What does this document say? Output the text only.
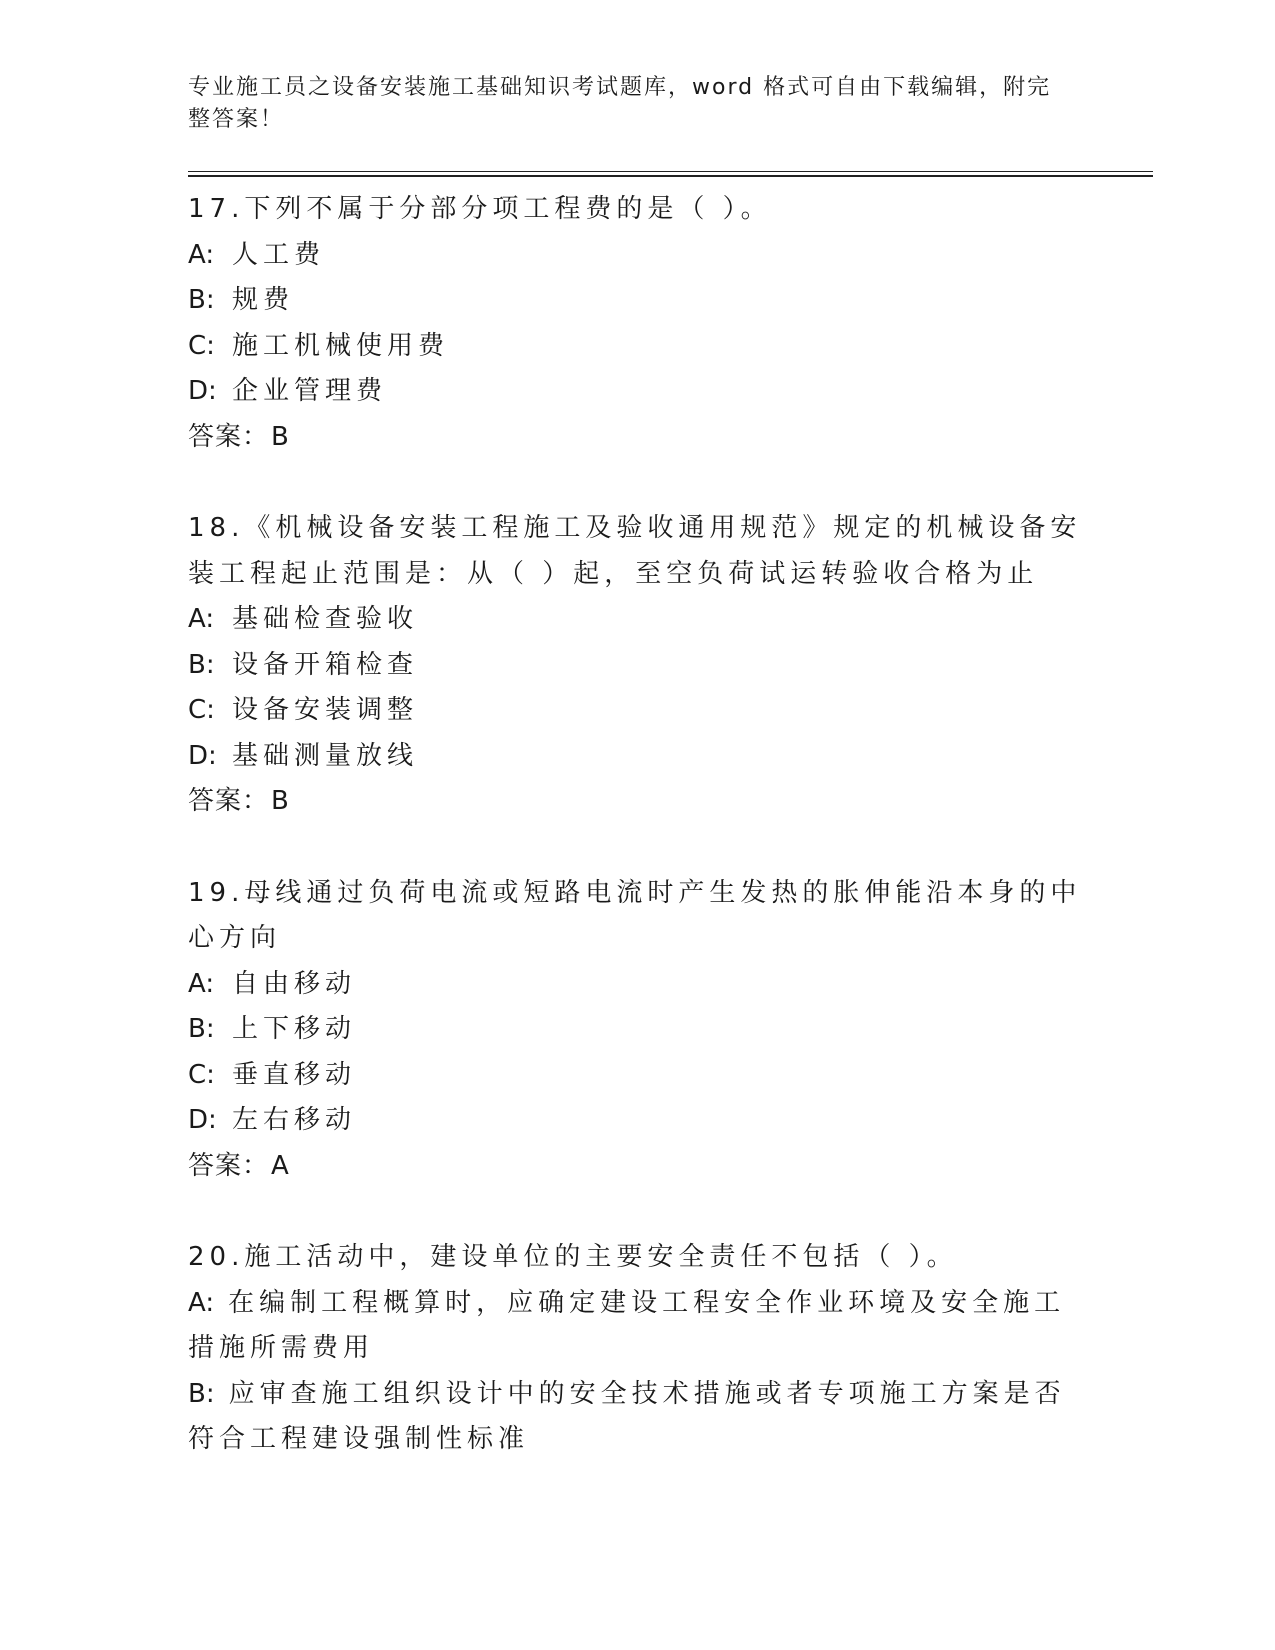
专业施工员之设备安装施工基础知识考试题库，word 格式可自由下载编辑，附完整答案！

17.下列不属于分部分项工程费的是（ ）。

A: 人工费

B: 规费

C: 施工机械使用费

D: 企业管理费

答案：B

18.《机械设备安装工程施工及验收通用规范》规定的机械设备安装工程起止范围是：从（ ）起，至空负荷试运转验收合格为止

A: 基础检查验收

B: 设备开箱检查

C: 设备安装调整

D: 基础测量放线

答案：B

19.母线通过负荷电流或短路电流时产生发热的胀伸能沿本身的中心方向

A: 自由移动

B: 上下移动

C: 垂直移动

D: 左右移动

答案：A

20.施工活动中，建设单位的主要安全责任不包括（ ）。

A: 在编制工程概算时，应确定建设工程安全作业环境及安全施工措施所需费用

B: 应审查施工组织设计中的安全技术措施或者专项施工方案是否符合工程建设强制性标准
